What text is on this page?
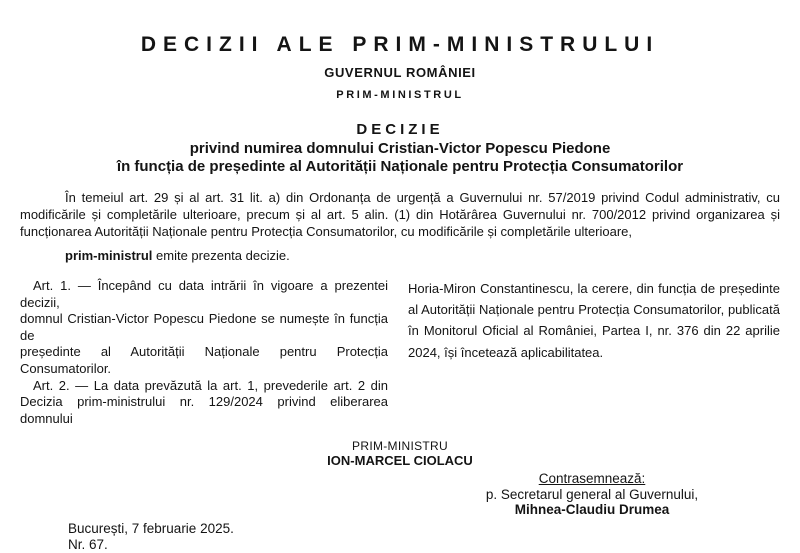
DECIZII ALE PRIM-MINISTRULUI
GUVERNUL ROMÂNIEI
PRIM-MINISTRUL
DECIZIE
privind numirea domnului Cristian-Victor Popescu Piedone
în funcția de președinte al Autorității Naționale pentru Protecția Consumatorilor
În temeiul art. 29 și al art. 31 lit. a) din Ordonanța de urgență a Guvernului nr. 57/2019 privind Codul administrativ, cu
modificările și completările ulterioare, precum și al art. 5 alin. (1) din Hotărârea Guvernului nr. 700/2012 privind organizarea și
funcționarea Autorității Naționale pentru Protecția Consumatorilor, cu modificările și completările ulterioare,
prim-ministrul emite prezenta decizie.
Art. 1. — Începând cu data intrării în vigoare a prezentei decizii,
domnul Cristian-Victor Popescu Piedone se numește în funcția de
președinte al Autorității Naționale pentru Protecția Consumatorilor.
Art. 2. — La data prevăzută la art. 1, prevederile art. 2 din
Decizia prim-ministrului nr. 129/2024 privind eliberarea domnului
Horia-Miron Constantinescu, la cerere, din funcția de președinte
al Autorității Naționale pentru Protecția Consumatorilor, publicată
în Monitorul Oficial al României, Partea I, nr. 376 din 22 aprilie
2024, își încetează aplicabilitatea.
PRIM-MINISTRU
ION-MARCEL CIOLACU
Contrasemnează:
p. Secretarul general al Guvernului,
Mihnea-Claudiu Drumea
București, 7 februarie 2025.
Nr. 67.
